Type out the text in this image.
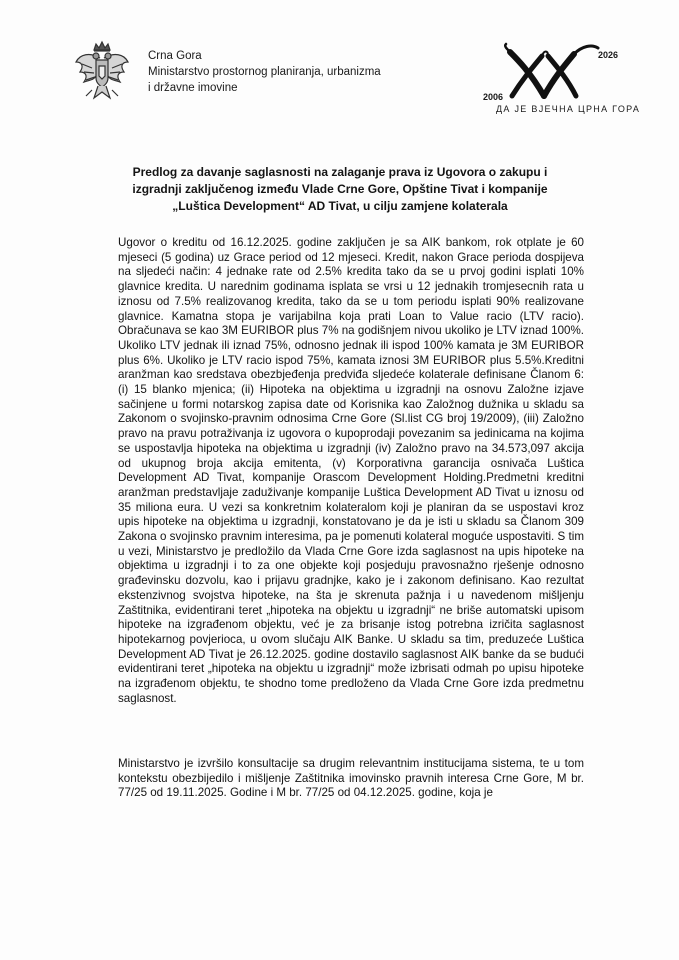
Crna Gora
Ministarstvo prostornog planiranja, urbanizma
i državne imovine
2006
2026
ДА ЈЕ ВЈЕЧНА ЦРНА ГОРА
Predlog za davanje saglasnosti na zalaganje prava iz Ugovora o zakupu i
izgradnji zaključenog između Vlade Crne Gore, Opštine Tivat i kompanije
„Luštica Development“ AD Tivat, u cilju zamjene kolaterala

Ugovor o kreditu od 16.12.2025. godine zaključen je sa AIK bankom, rok otplate je 60 mjeseci (5 godina) uz Grace period od 12 mjeseci. Kredit, nakon Grace perioda dospijeva na sljedeći način: 4 jednake rate od 2.5% kredita tako da se u prvoj godini isplati 10% glavnice kredita. U narednim godinama isplata se vrsi u 12 jednakih tromjesecnih rata u iznosu od 7.5% realizovanog kredita, tako da se u tom periodu isplati 90% realizovane glavnice. Kamatna stopa je varijabilna koja prati Loan to Value racio (LTV racio). Obračunava se kao 3M EURIBOR plus 7% na godišnjem nivou ukoliko je LTV iznad 100%. Ukoliko LTV jednak ili iznad 75%, odnosno jednak ili ispod 100% kamata je 3M EURIBOR plus 6%. Ukoliko je LTV racio ispod 75%, kamata iznosi 3M EURIBOR plus 5.5%.Kreditni aranžman kao sredstava obezbjeđenja predviđa sljedeće kolaterale definisane Članom 6: (i) 15 blanko mjenica; (ii) Hipoteka na objektima u izgradnji na osnovu Založne izjave sačinjene u formi notarskog zapisa date od Korisnika kao Založnog dužnika u skladu sa Zakonom o svojinsko-pravnim odnosima Crne Gore (Sl.list CG broj 19/2009), (iii) Založno pravo na pravu potraživanja iz ugovora o kupoprodaji povezanim sa jedinicama na kojima se uspostavlja hipoteka na objektima u izgradnji (iv) Založno pravo na 34.573,097 akcija od ukupnog broja akcija emitenta, (v) Korporativna garancija osnivača Luštica Development AD Tivat, kompanije Orascom Development Holding.Predmetni kreditni aranžman predstavljaje zaduživanje kompanije Luštica Development AD Tivat u iznosu od 35 miliona eura. U vezi sa konkretnim kolateralom koji je planiran da se uspostavi kroz upis hipoteke na objektima u izgradnji, konstatovano je da je isti u skladu sa Članom 309 Zakona o svojinsko pravnim interesima, pa je pomenuti kolateral moguće uspostaviti. S tim u vezi, Ministarstvo je predložilo da Vlada Crne Gore izda saglasnost na upis hipoteke na objektima u izgradnji i to za one objekte koji posjeduju pravosnažno rješenje odnosno građevinsku dozvolu, kao i prijavu gradnjke, kako je i zakonom definisano. Kao rezultat ekstenzivnog svojstva hipoteke, na šta je skrenuta pažnja i u navedenom mišljenju Zaštitnika, evidentirani teret „hipoteka na objektu u izgradnji“ ne briše automatski upisom hipoteke na izgrađenom objektu, već je za brisanje istog potrebna izričita saglasnost hipotekarnog povjerioca, u ovom slučaju AIK Banke. U skladu sa tim, preduzeće Luštica Development AD Tivat je 26.12.2025. godine dostavilo saglasnost AIK banke da se budući evidentirani teret „hipoteka na objektu u izgradnji“ može izbrisati odmah po upisu hipoteke na izgrađenom objektu, te shodno tome predloženo da Vlada Crne Gore izda predmetnu saglasnost.

Ministarstvo je izvršilo konsultacije sa drugim relevantnim institucijama sistema, te u tom kontekstu obezbijedilo i mišljenje Zaštitnika imovinsko pravnih interesa Crne Gore, M br. 77/25 od 19.11.2025. Godine i M br. 77/25 od 04.12.2025. godine, koja je
